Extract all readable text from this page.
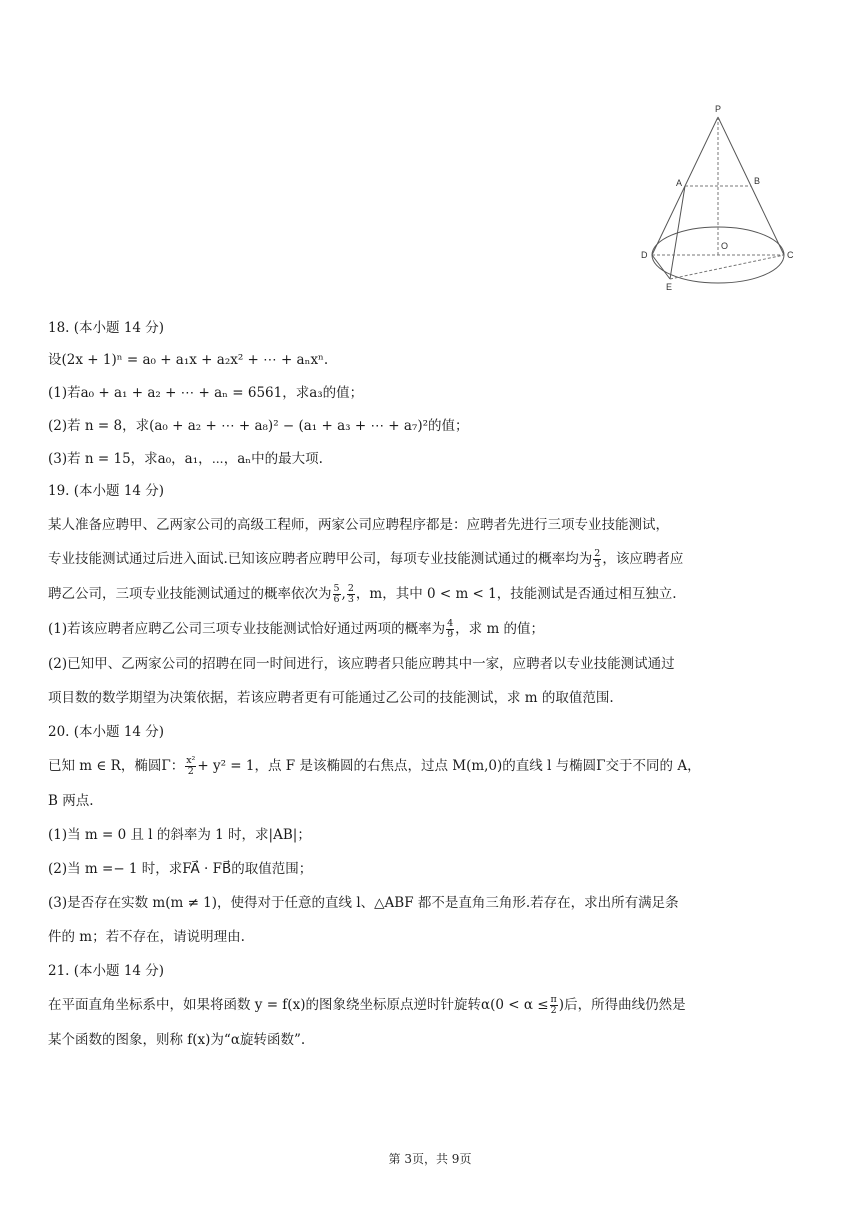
P
A	B
O
D	C
E
18. (本小题 14 分)
设(2x + 1)ⁿ = a₀ + a₁x + a₂x² + ⋯ + aₙxⁿ.
(1)若a₀ + a₁ + a₂ + ⋯ + aₙ = 6561，求a₃的值；
(2)若 n = 8，求(a₀ + a₂ + ⋯ + a₈)² − (a₁ + a₃ + ⋯ + a₇)²的值；
(3)若 n = 15，求a₀，a₁，⋯，aₙ中的最大项.
19. (本小题 14 分)
某人准备应聘甲、乙两家公司的高级工程师，两家公司应聘程序都是：应聘者先进行三项专业技能测试，
专业技能测试通过后进入面试.已知该应聘者应聘甲公司，每项专业技能测试通过的概率均为 $\frac{2}{3}$ ，该应聘者应
聘乙公司，三项专业技能测试通过的概率依次为 $\frac{5}{6}$ , $\frac{2}{3}$ ，m，其中 0 < m < 1，技能测试是否通过相互独立.
(1)若该应聘者应聘乙公司三项专业技能测试恰好通过两项的概率为 $\frac{4}{9}$ ，求 m 的值；
(2)已知甲、乙两家公司的招聘在同一时间进行，该应聘者只能应聘其中一家，应聘者以专业技能测试通过
项目数的数学期望为决策依据，若该应聘者更有可能通过乙公司的技能测试，求 m 的取值范围.
20. (本小题 14 分)
已知 m ∈ R，椭圆Γ： $\frac{\text{x²}}{2} + y^2 = 1$，点 F 是该椭圆的右焦点，过点 M(m,0)的直线 l 与椭圆Γ交于不同的 A，
B 两点.
(1)当 m = 0 且 l 的斜率为 1 时，求|AB|；
(2)当 m =− 1 时，求FA⃗ · FB⃗的取值范围；
(3)是否存在实数 m(m ≠ 1)，使得对于任意的直线 l、△ABF 都不是直角三角形.若存在，求出所有满足条
件的 m；若不存在，请说明理由.
21. (本小题 14 分)
在平面直角坐标系中，如果将函数 y = f(x)的图象绕坐标原点逆时针旋转$\alpha(0 < \alpha \le \frac{\pi}{2}$ )后，所得曲线仍然是
某个函数的图象，则称 f(x)为“α旋转函数”.
第 3页，共 9页
